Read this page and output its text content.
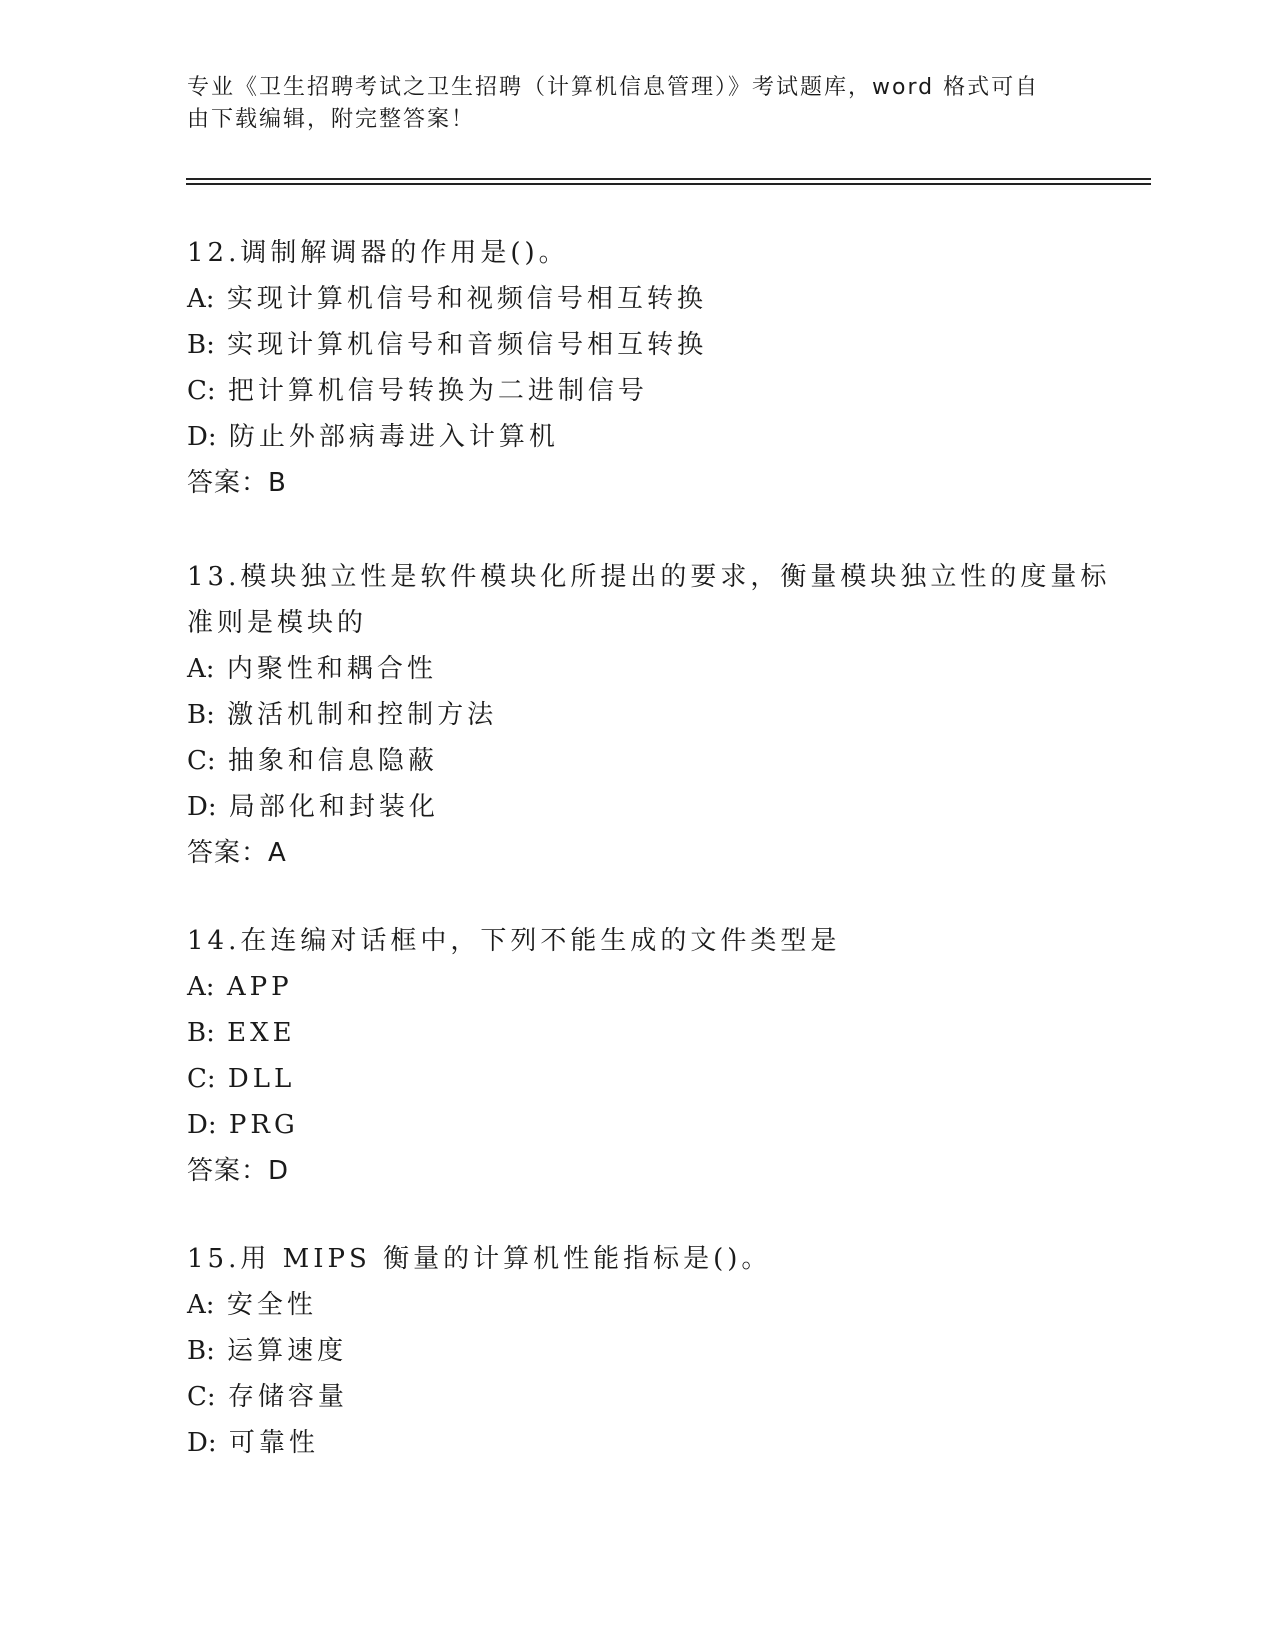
专业《卫生招聘考试之卫生招聘（计算机信息管理）》考试题库，word 格式可自
由下载编辑，附完整答案！
12.调制解调器的作用是()。
A: 实现计算机信号和视频信号相互转换
B: 实现计算机信号和音频信号相互转换
C: 把计算机信号转换为二进制信号
D: 防止外部病毒进入计算机
答案：B
13.模块独立性是软件模块化所提出的要求，衡量模块独立性的度量标
准则是模块的
A: 内聚性和耦合性
B: 激活机制和控制方法
C: 抽象和信息隐蔽
D: 局部化和封装化
答案：A
14.在连编对话框中，下列不能生成的文件类型是
A: APP
B: EXE
C: DLL
D: PRG
答案：D
15.用 MIPS 衡量的计算机性能指标是()。
A: 安全性
B: 运算速度
C: 存储容量
D: 可靠性
